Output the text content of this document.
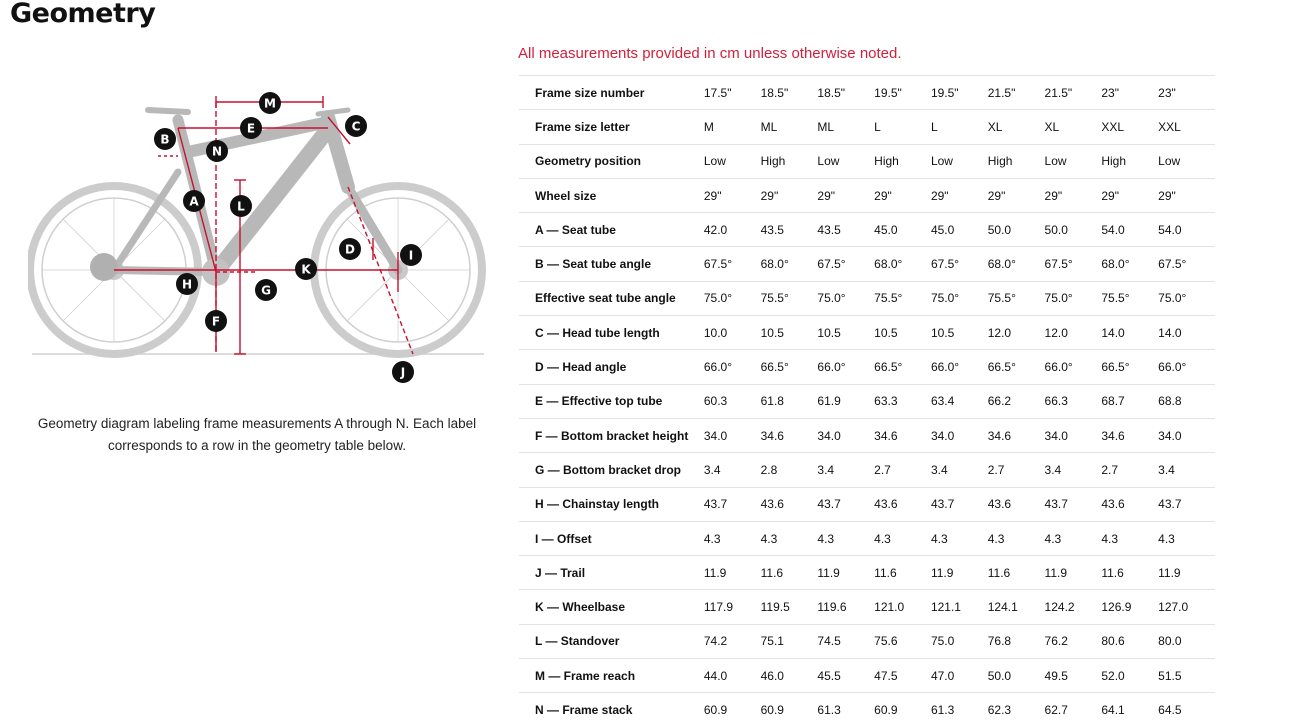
Geometry
M
B
E	C
N
A	L
D	I
K
H	G
F
J
Geometry diagram labeling frame measurements A through N. Each label corresponds to a row in the geometry table below.
All measurements provided in cm unless otherwise noted.
Frame size number	17.5"	18.5"	18.5"	19.5"	19.5"	21.5"	21.5"	23"	23"
Frame size letter	M	ML	ML	L	L	XL	XL	XXL	XXL
Geometry position	Low	High	Low	High	Low	High	Low	High	Low
Wheel size	29"	29"	29"	29"	29"	29"	29"	29"	29"
A — Seat tube	42.0	43.5	43.5	45.0	45.0	50.0	50.0	54.0	54.0
B — Seat tube angle	67.5°	68.0°	67.5°	68.0°	67.5°	68.0°	67.5°	68.0°	67.5°
Effective seat tube angle	75.0°	75.5°	75.0°	75.5°	75.0°	75.5°	75.0°	75.5°	75.0°
C — Head tube length	10.0	10.5	10.5	10.5	10.5	12.0	12.0	14.0	14.0
D — Head angle	66.0°	66.5°	66.0°	66.5°	66.0°	66.5°	66.0°	66.5°	66.0°
E — Effective top tube	60.3	61.8	61.9	63.3	63.4	66.2	66.3	68.7	68.8
F — Bottom bracket height	34.0	34.6	34.0	34.6	34.0	34.6	34.0	34.6	34.0
G — Bottom bracket drop	3.4	2.8	3.4	2.7	3.4	2.7	3.4	2.7	3.4
H — Chainstay length	43.7	43.6	43.7	43.6	43.7	43.6	43.7	43.6	43.7
I — Offset	4.3	4.3	4.3	4.3	4.3	4.3	4.3	4.3	4.3
J — Trail	11.9	11.6	11.9	11.6	11.9	11.6	11.9	11.6	11.9
K — Wheelbase	117.9	119.5	119.6	121.0	121.1	124.1	124.2	126.9	127.0
L — Standover	74.2	75.1	74.5	75.6	75.0	76.8	76.2	80.6	80.0
M — Frame reach	44.0	46.0	45.5	47.5	47.0	50.0	49.5	52.0	51.5
N — Frame stack	60.9	60.9	61.3	60.9	61.3	62.3	62.7	64.1	64.5
